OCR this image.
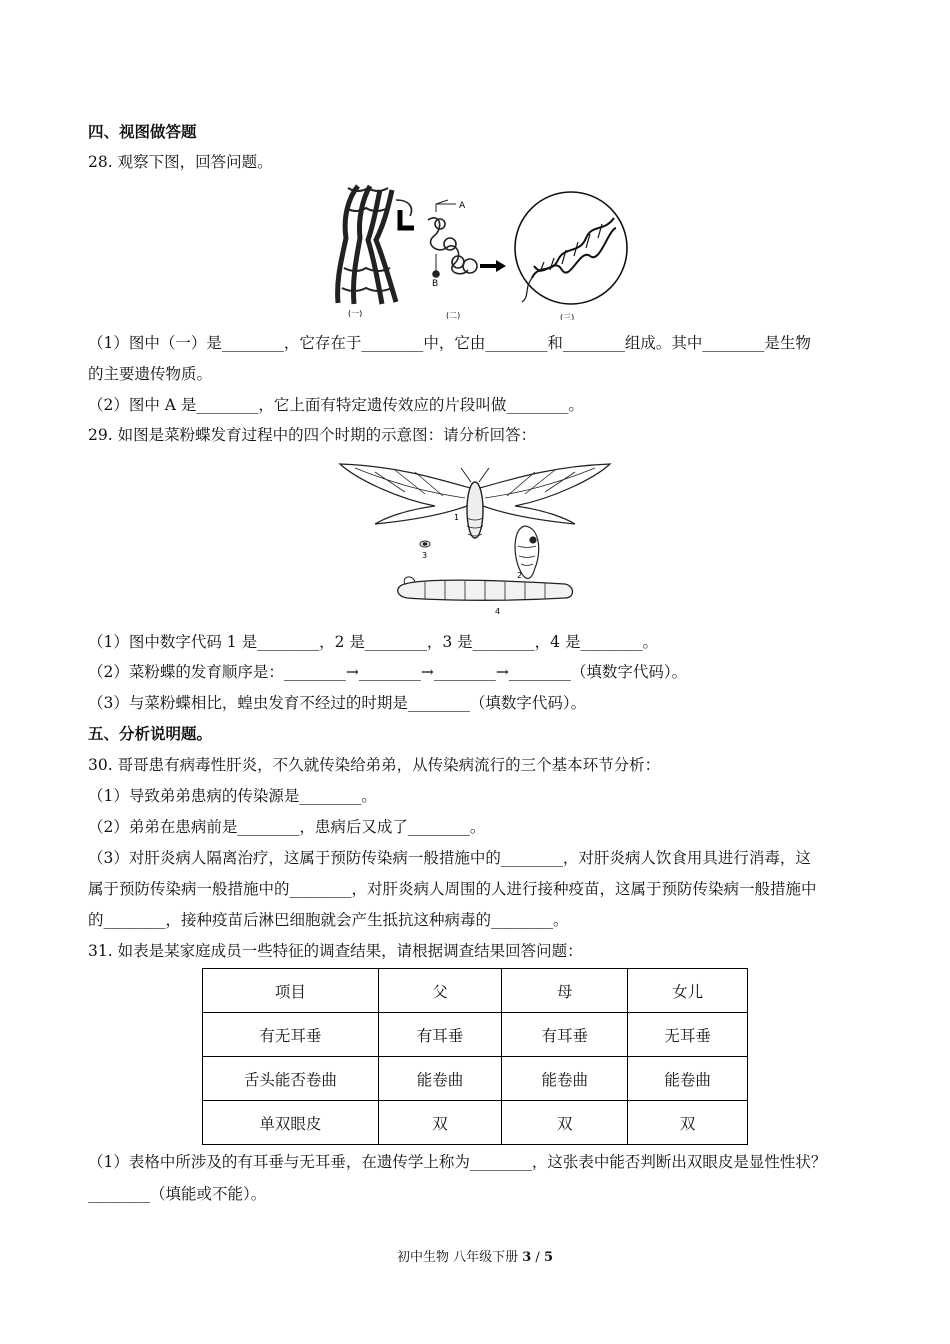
四、视图做答题
28. 观察下图，回答问题。
A
B
(一)	(二)	(三)
（1）图中（一）是________，它存在于________中，它由________和________组成。其中________是生物
的主要遗传物质。
（2）图中 A 是________，它上面有特定遗传效应的片段叫做________。
29. 如图是菜粉蝶发育过程中的四个时期的示意图：请分析回答：
1
2
3
4
（1）图中数字代码 1 是________，2 是________，3 是________，4 是________。
（2）菜粉蝶的发育顺序是：________→________→________→________（填数字代码）。
（3）与菜粉蝶相比，蝗虫发育不经过的时期是________（填数字代码）。
五、分析说明题。
30. 哥哥患有病毒性肝炎，不久就传染给弟弟，从传染病流行的三个基本环节分析：
（1）导致弟弟患病的传染源是________。
（2）弟弟在患病前是________，患病后又成了________。
（3）对肝炎病人隔离治疗，这属于预防传染病一般措施中的________，对肝炎病人饮食用具进行消毒，这
属于预防传染病一般措施中的________，对肝炎病人周围的人进行接种疫苗，这属于预防传染病一般措施中
的________，接种疫苗后淋巴细胞就会产生抵抗这种病毒的________。
31. 如表是某家庭成员一些特征的调查结果，请根据调查结果回答问题：
项目	父	母	女儿
有无耳垂	有耳垂	有耳垂	无耳垂
舌头能否卷曲	能卷曲	能卷曲	能卷曲
单双眼皮	双	双	双
（1）表格中所涉及的有耳垂与无耳垂，在遗传学上称为________，这张表中能否判断出双眼皮是显性性状？
________（填能或不能）。
初中生物 八年级下册 3 / 5
